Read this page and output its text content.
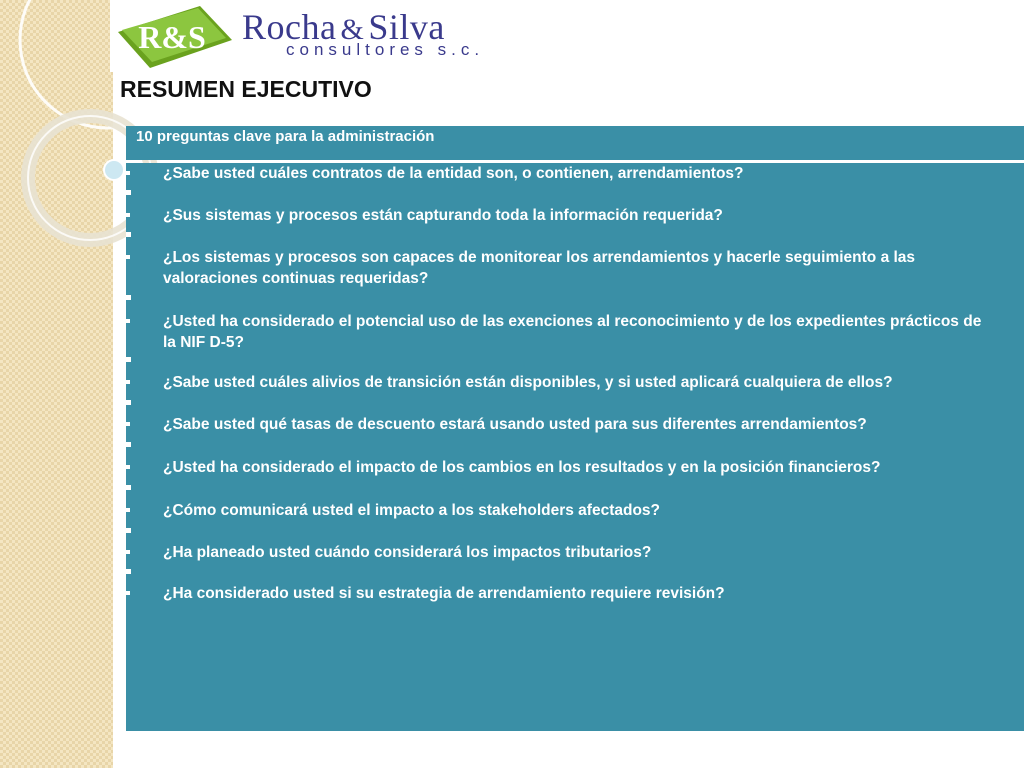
R&S Rocha & Silva
consultores s.c.
RESUMEN EJECUTIVO
10 preguntas clave para la administración
¿Sabe usted cuáles contratos de la entidad son, o contienen, arrendamientos?
¿Sus sistemas y procesos están capturando toda la información requerida?
¿Los sistemas y procesos son capaces de monitorear los arrendamientos y hacerle seguimiento a las valoraciones continuas requeridas?
¿Usted ha considerado el potencial uso de las exenciones al reconocimiento y de los expedientes prácticos de la NIF D-5?
¿Sabe usted cuáles alivios de transición están disponibles, y si usted aplicará cualquiera de ellos?
¿Sabe usted qué tasas de descuento estará usando usted para sus diferentes arrendamientos?
¿Usted ha considerado el impacto de los cambios en los resultados y en la posición financieros?
¿Cómo comunicará usted el impacto a los stakeholders afectados?
¿Ha planeado usted cuándo considerará los impactos tributarios?
¿Ha considerado usted si su estrategia de arrendamiento requiere revisión?
